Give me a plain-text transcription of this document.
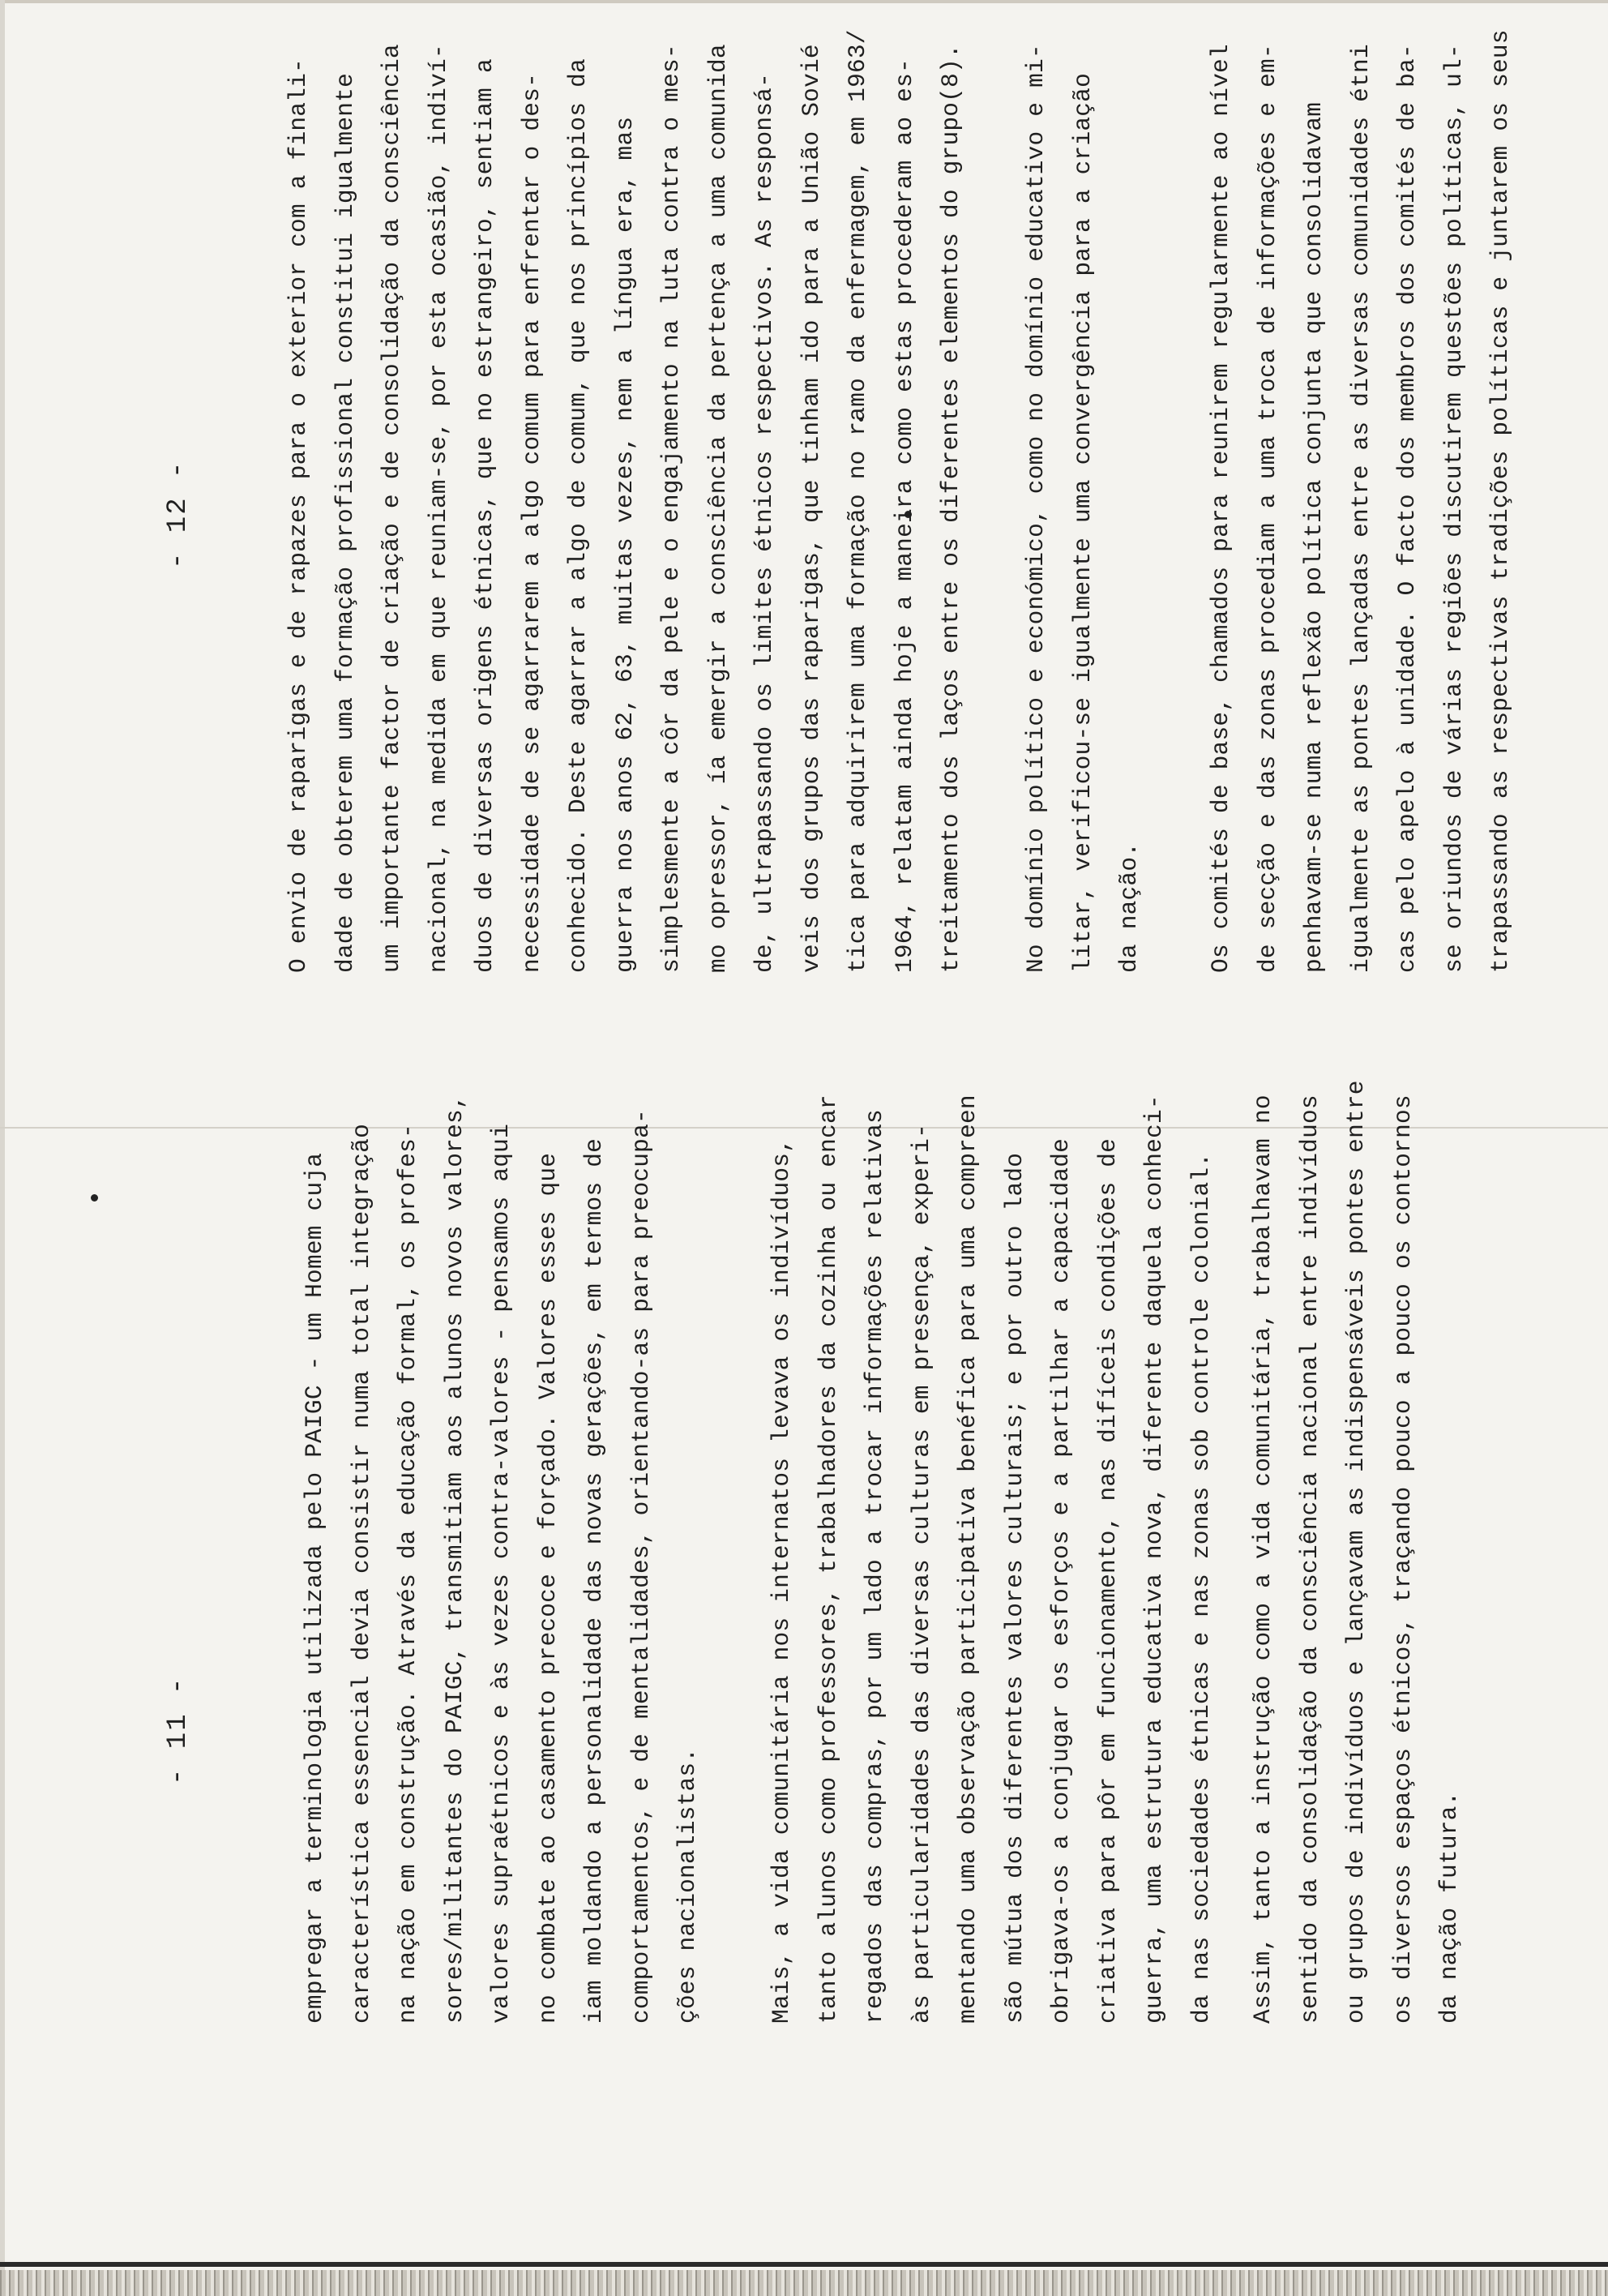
- 11 -	empregar a terminologia utilizada pelo PAIGC - um Homem cuja característica essencial devia consistir numa total integração na nação em construção. Através da educação formal, os profes- sores/militantes do PAIGC, transmitiam aos alunos novos valores, valores supraétnicos e às vezes contra-valores - pensamos aqui no combate ao casamento precoce e forçado. Valores esses que iam moldando a personalidade das novas gerações, em termos de comportamentos, e de mentalidades, orientando-as para preocupa- ções nacionalistas.	Mais, a vida comunitária nos internatos levava os indivíduos, tanto alunos como professores, trabalhadores da cozinha ou encar regados das compras, por um lado a trocar informações relativas às particularidades das diversas culturas em presença, experi- mentando uma observação participativa benéfica para uma compreen são mútua dos diferentes valores culturais; e por outro lado obrigava-os a conjugar os esforços e a partilhar a capacidade criativa para pôr em funcionamento, nas difíceis condições de guerra, uma estrutura educativa nova, diferente daquela conheci- da nas sociedades étnicas e nas zonas sob controle colonial.	Assim, tanto a instrução como a vida comunitária, trabalhavam no sentido da consolidação da consciência nacional entre indivíduos ou grupos de indivíduos e lançavam as indispensáveis pontes entre os diversos espaços étnicos, traçando pouco a pouco os contornos da nação futura.
- 12 -	O envio de raparigas e de rapazes para o exterior com a finali- dade de obterem uma formação profissional constitui igualmente um importante factor de criação e de consolidação da consciência nacional, na medida em que reuniam-se, por esta ocasião, indiví- duos de diversas origens étnicas, que no estrangeiro, sentiam a necessidade de se agarrarem a algo comum para enfrentar o des- conhecido. Deste agarrar a algo de comum, que nos princípios da guerra nos anos 62, 63, muitas vezes, nem a língua era, mas simplesmente a côr da pele e o engajamento na luta contra o mes- mo opressor, ía emergir a consciência da pertença a uma comunida de, ultrapassando os limites étnicos respectivos. As responsá- veis dos grupos das raparigas, que tinham ido para a União Sovié tica para adquirirem uma formação no ramo da enfermagem, em 1963/ 1964, relatam ainda hoje a maneira como estas procederam ao es- treitamento dos laços entre os diferentes elementos do grupo(8).	No domínio político e económico, como no domínio educativo e mi- litar, verificou-se igualmente uma convergência para a criação da nação.	Os comités de base, chamados para reunirem regularmente ao nível de secção e das zonas procediam a uma troca de informações e em- penhavam-se numa reflexão política conjunta que consolidavam igualmente as pontes lançadas entre as diversas comunidades étni cas pelo apelo à unidade. O facto dos membros dos comités de ba- se oriundos de várias regiões discutirem questões políticas, ul- trapassando as respectivas tradições políticas e juntarem os seus
